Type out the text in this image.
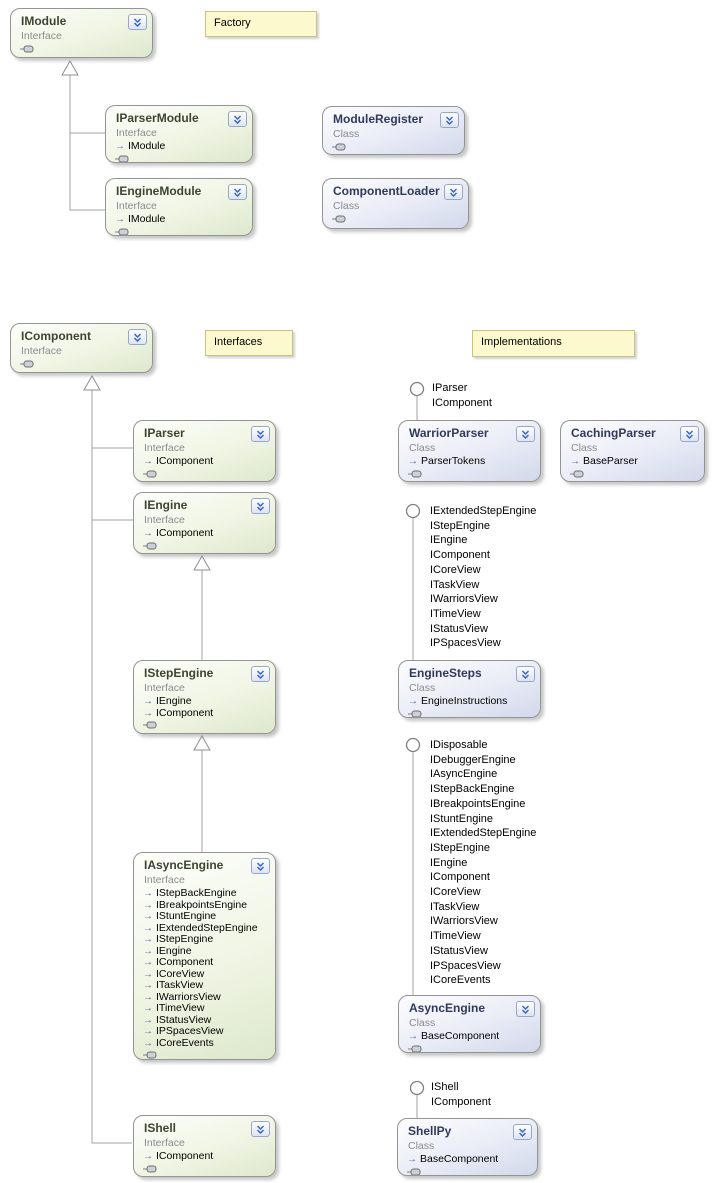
Factory
Interfaces	Implementations
IParser
IComponent
IExtendedStepEngine
IStepEngine
IEngine
IComponent
ICoreView
ITaskView
IWarriorsView
ITimeView
IStatusView
IPSpacesView
IDisposable
IDebuggerEngine
IAsyncEngine
IStepBackEngine
IBreakpointsEngine
IStuntEngine
IExtendedStepEngine
IStepEngine
IEngine
IComponent
ICoreView
ITaskView
IWarriorsView
ITimeView
IStatusView
IPSpacesView
ICoreEvents
IShell
IComponent
IModule
Interface
IParserModule
Interface
→ IModule
ModuleRegister
Class
IEngineModule
Interface
→ IModule
ComponentLoader
Class
IComponent
Interface
IParser
Interface
→ IComponent
WarriorParser
Class
→ ParserTokens
CachingParser
Class
→ BaseParser
IEngine
Interface
→ IComponent
IStepEngine
Interface
→ IEngine
→ IComponent
EngineSteps
Class
→ EngineInstructions
IAsyncEngine
Interface
→ IStepBackEngine
→ IBreakpointsEngine
→ IStuntEngine
→ IExtendedStepEngine
→ IStepEngine
→ IEngine
→ IComponent
→ ICoreView
→ ITaskView
→ IWarriorsView
→ ITimeView
→ IStatusView
→ IPSpacesView
→ ICoreEvents
AsyncEngine
Class
→ BaseComponent
IShell
Interface
→ IComponent
ShellPy
Class
→ BaseComponent
